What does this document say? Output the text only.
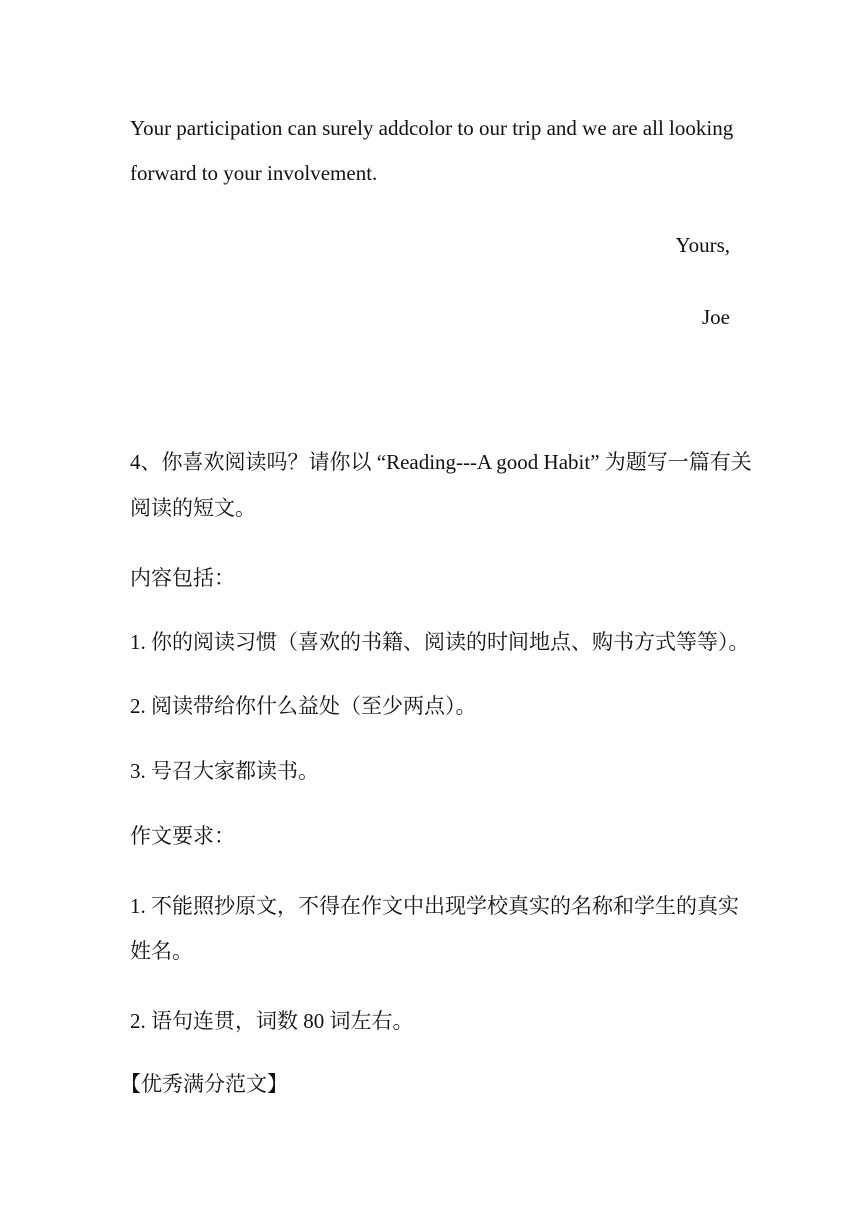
Your participation can surely addcolor to our trip and we are all looking
forward to your involvement.
Yours,
Joe
4、你喜欢阅读吗？请你以 “Reading---A good Habit” 为题写一篇有关
阅读的短文。
内容包括：
1. 你的阅读习惯（喜欢的书籍、阅读的时间地点、购书方式等等）。
2. 阅读带给你什么益处（至少两点）。
3. 号召大家都读书。
作文要求：
1. 不能照抄原文，不得在作文中出现学校真实的名称和学生的真实
姓名。
2. 语句连贯，词数 80 词左右。
【优秀满分范文】
